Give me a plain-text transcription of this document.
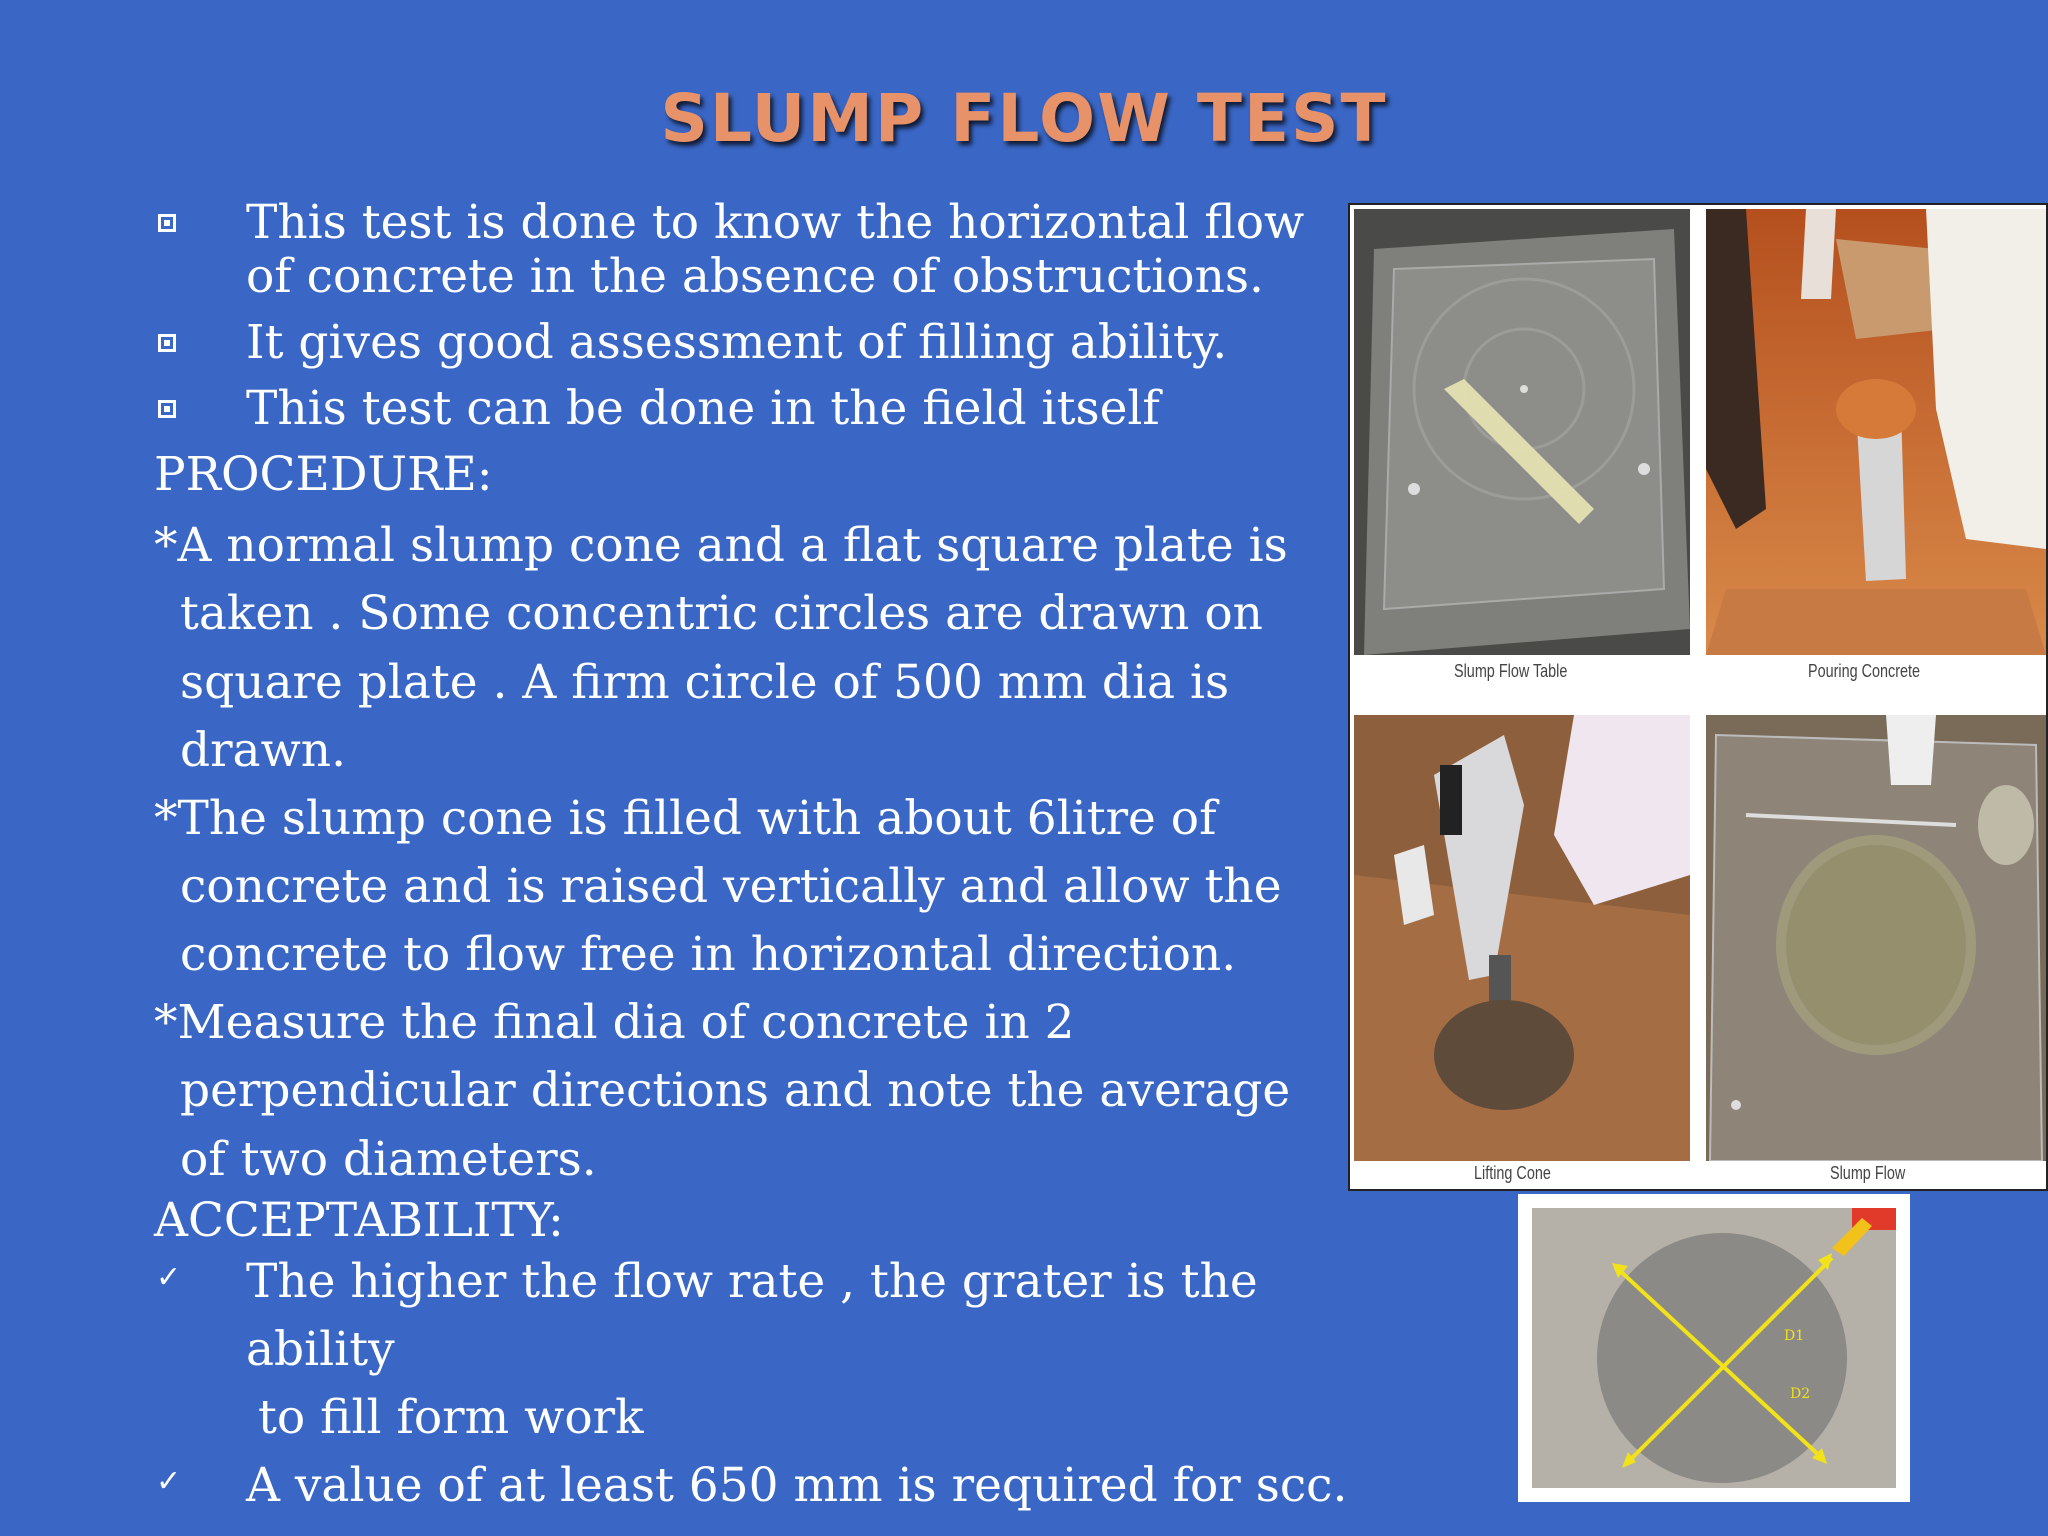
SLUMP FLOW TEST
This test is done to know the horizontal flow of concrete in the absence of obstructions.
It gives good assessment of filling ability.
This test can be done in the field itself
PROCEDURE:
*A normal slump cone and a flat square plate is taken . Some concentric circles are drawn on square plate . A firm circle of 500 mm dia is drawn.
*The slump cone is filled with about 6litre of concrete and is raised vertically and allow the concrete to flow free in horizontal direction.
*Measure the final dia of concrete in 2 perpendicular directions and note the average of two diameters.
ACCEPTABILITY:
✓ The higher the flow rate , the grater is the ability
to fill form work
✓ A value of at least 650 mm is required for scc.
Slump Flow Table	Pouring Concrete
Lifting Cone	Slump Flow
D1
D2
